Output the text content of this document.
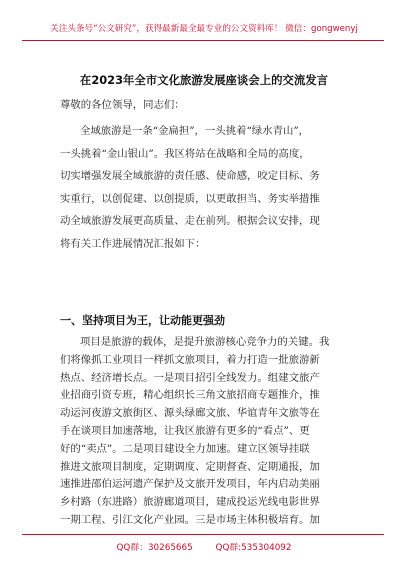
关注头条号“公文研究”，获得最新最全最专业的公文资料库！ 微信：gongwenyj
在2023年全市文化旅游发展座谈会上的交流发言
尊敬的各位领导，同志们：
全域旅游是一条“金扁担”，一头挑着“绿水青山”，
一头挑着“金山银山”。我区将站在战略和全局的高度，
切实增强发展全域旅游的责任感、使命感，咬定目标、务
实重行，以创促建、以创提质，以更敢担当、务实举措推
动全域旅游发展更高质量、走在前列。根据会议安排，现
将有关工作进展情况汇报如下：
一、坚持项目为王，让动能更强劲
项目是旅游的载体，是提升旅游核心竞争力的关键。我
们将像抓工业项目一样抓文旅项目，着力打造一批旅游新
热点、经济增长点。一是项目招引全线发力。组建文旅产
业招商引资专班，精心组织长三角文旅招商专题推介，推
动运河夜游文旅街区、源头绿廊文旅、华谊青年文旅等在
手在谈项目加速落地，让我区旅游有更多的“看点”、更
好的“卖点”。二是项目建设全力加速。建立区领导挂联
推进文旅项目制度，定期调度、定期督查、定期通报，加
速推进邵伯运河遗产保护及文旅开发项目，年内启动美丽
乡村路（东进路）旅游廊道项目，建成投运光线电影世界
一期工程、引江文化产业园。三是市场主体积极培育。加
QQ群：30265665	QQ群:535304092
